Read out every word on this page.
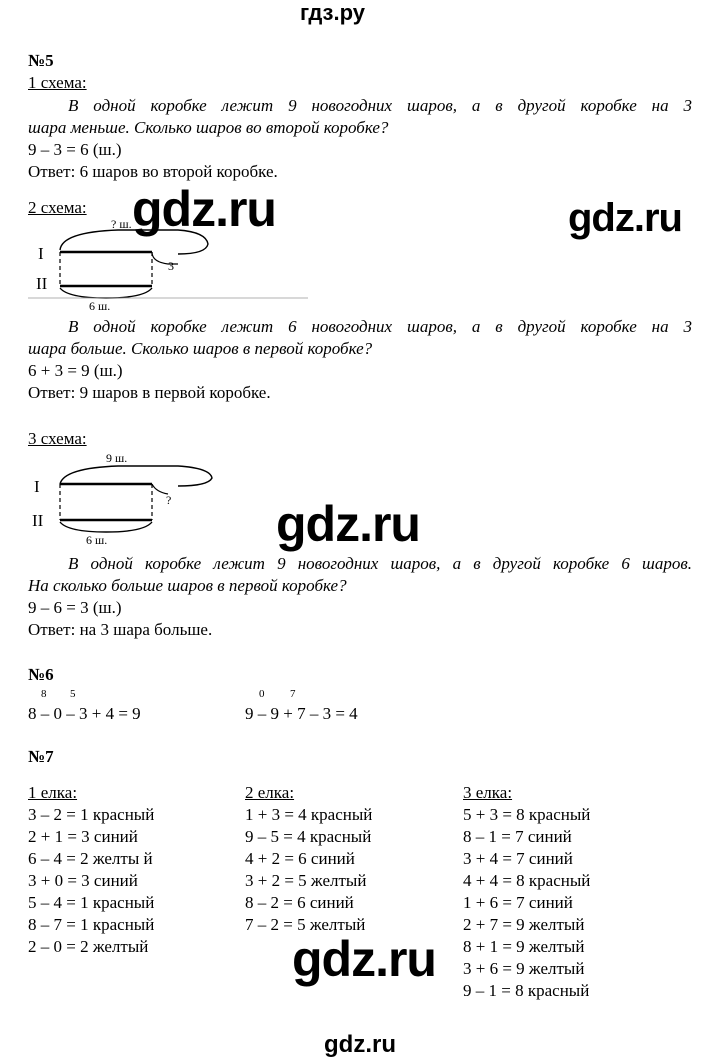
гдз.ру
№5
1 схема:
В одной коробке лежит 9 новогодних шаров, а в другой коробке на 3
шара меньше. Сколько шаров во второй коробке?
9 – 3 = 6 (ш.)
Ответ: 6 шаров во второй коробке.
2 схема:
I
II
? ш.
3
6 ш.
В одной коробке лежит 6 новогодних шаров, а в другой коробке на 3
шара больше. Сколько шаров в первой коробке?
6 + 3 = 9 (ш.)
Ответ: 9 шаров в первой коробке.
3 схема:
9 ш.
I
II
?
6 ш.
В одной коробке лежит 9 новогодних шаров, а в другой коробке 6 шаров.
На сколько больше шаров в первой коробке?
9 – 6 = 3 (ш.)
Ответ: на 3 шара больше.
№6
8 5
8 – 0 – 3 + 4 = 9
0 7
9 – 9 + 7 – 3 = 4
№7
1 елка:
3 – 2 = 1 красный
2 + 1 = 3 синий
6 – 4 = 2 желты й
3 + 0 = 3 синий
5 – 4 = 1 красный
8 – 7 = 1 красный
2 – 0 = 2 желтый
2 елка:
1 + 3 = 4 красный
9 – 5 = 4 красный
4 + 2 = 6 синий
3 + 2 = 5 желтый
8 – 2 = 6 синий
7 – 2 = 5 желтый
3 елка:
5 + 3 = 8 красный
8 – 1 = 7 синий
3 + 4 = 7 синий
4 + 4 = 8 красный
1 + 6 = 7 синий
2 + 7 = 9 желтый
8 + 1 = 9 желтый
3 + 6 = 9 желтый
9 – 1 = 8 красный
gdz.ru	gdz.ru
gdz.ru
gdz.ru
gdz.ru
